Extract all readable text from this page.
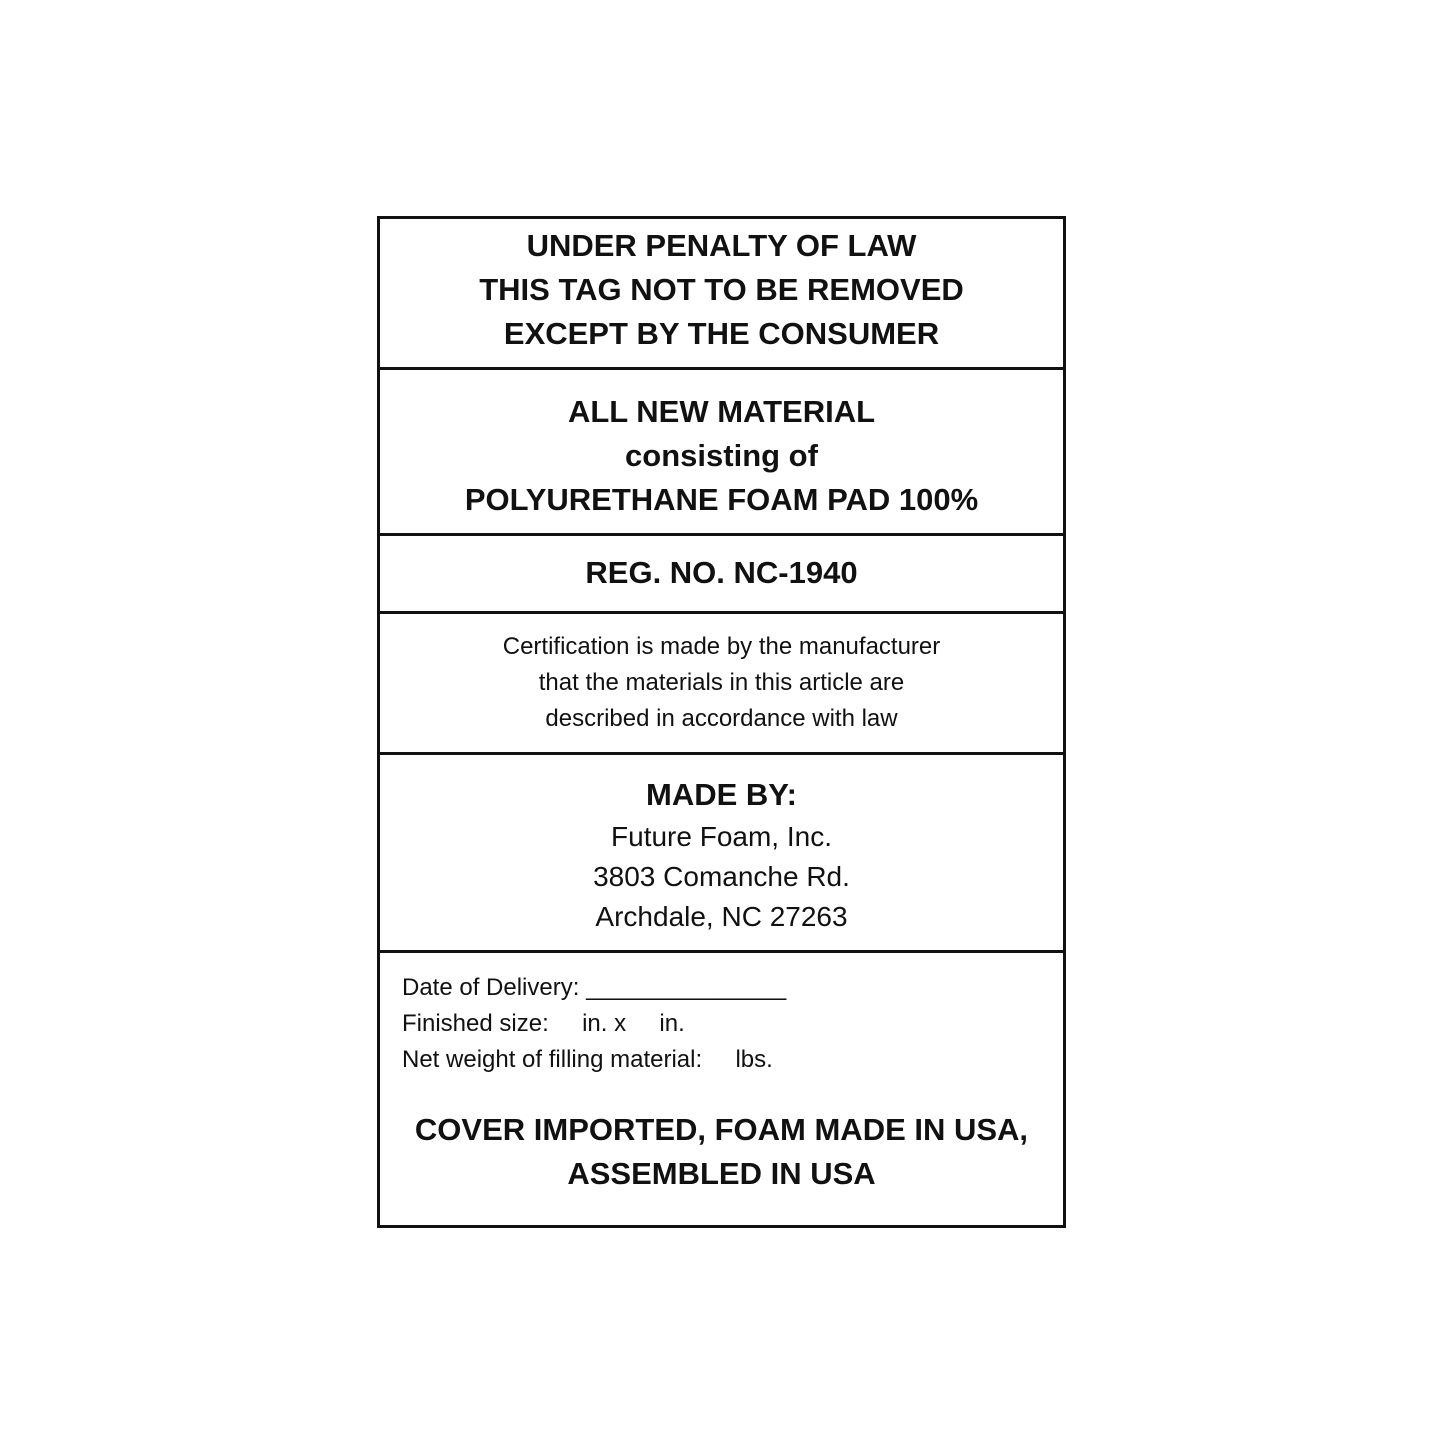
UNDER PENALTY OF LAW
THIS TAG NOT TO BE REMOVED
EXCEPT BY THE CONSUMER
ALL NEW MATERIAL
consisting of
POLYURETHANE FOAM PAD 100%
REG. NO. NC-1940
Certification is made by the manufacturer
that the materials in this article are
described in accordance with law
MADE BY:
Future Foam, Inc.
3803 Comanche Rd.
Archdale, NC 27263
Date of Delivery: _______________
Finished size:     in. x     in.
Net weight of filling material:     lbs.
COVER IMPORTED, FOAM MADE IN USA,
ASSEMBLED IN USA
